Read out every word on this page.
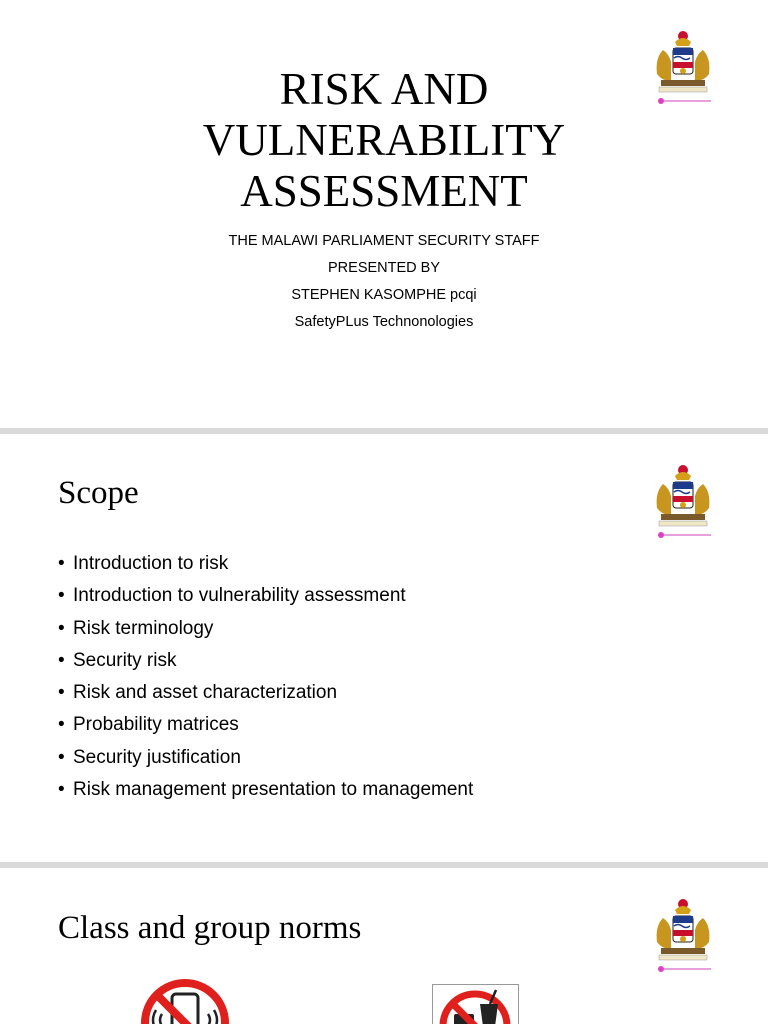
RISK AND
VULNERABILITY
ASSESSMENT
THE MALAWI PARLIAMENT SECURITY STAFF
PRESENTED BY
STEPHEN KASOMPHE pcqi
SafetyPLus Technonologies
Scope
• Introduction to risk
• Introduction to vulnerability assessment
• Risk terminology
• Security risk
• Risk and asset characterization
• Probability matrices
• Security justification
• Risk management presentation to management
Class and group norms
